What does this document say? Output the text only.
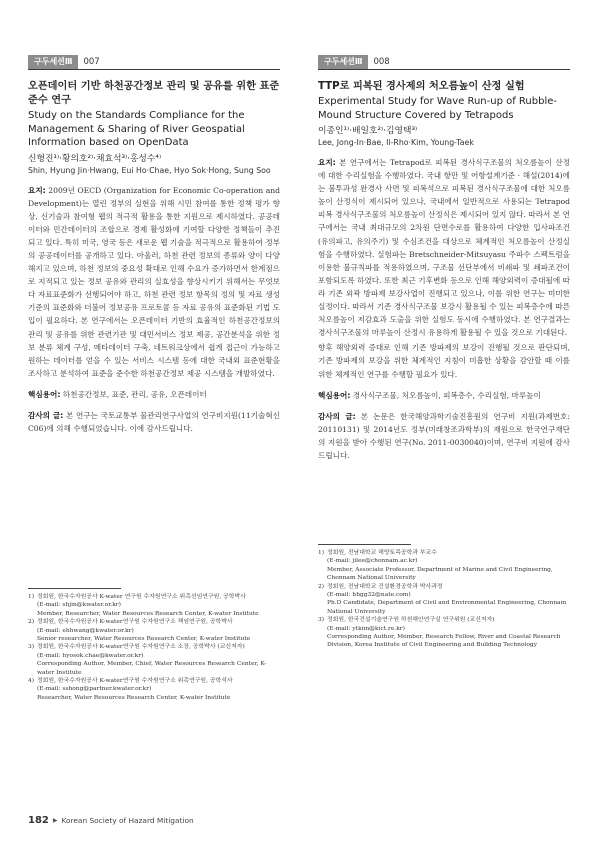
구두세션Ⅲ	007
오픈데이터 기반 하천공간정보 관리 및 공유를 위한 표준 준수 연구
Study on the Standards Compliance for the Management & Sharing of River Geospatial Information based on OpenData
신형진¹⁾·황의호²⁾·채효석³⁾·홍성수⁴⁾
Shin, Hyung Jin·Hwang, Eui Ho·Chae, Hyo Sok·Hong, Sung Soo

요지: 2009년 OECD (Organization for Economic Co-operation and Development)는 열린 정부의 실현을 위해 시민 참여를 통한 정책 평가 향상, 신기술과 참여형 웹의 적극적 활용을 통한 지원으로 제시하였다. 공공데이터와 민간데이터의 조합으로 경제 활성화에 기여할 다양한 정책들이 추진되고 있다. 특히 미국, 영국 등은 새로운 웹 기술을 적극적으로 활용하여 정부의 공공데이터를 공개하고 있다. 아울러, 하천 관련 정보의 종류와 양이 다양해지고 있으며, 하천 정보의 중요성 확대로 인해 수요가 증가하면서 한계점으로 지적되고 있는 정보 공유와 관리의 실효성을 향상시키기 위해서는 무엇보다 자료표준화가 선행되어야 하고, 하천 관련 정보 항목의 정의 및 자료 생성기준의 표준화와 더불어 정보공유 프로토콜 등 자료 공유의 표준화된 기법 도입이 필요하다. 본 연구에서는 오픈데이터 기반의 효율적인 하천공간정보의 관리 및 공유를 위한 관련기관 및 대민서비스 정보 제공, 공간분석을 위한 정보 분류 체계 구성, 메타데이터 구축, 네트워크상에서 쉽게 접근이 가능하고 원하는 데이터를 얻을 수 있는 서비스 시스템 등에 대한 국내외 표준현황을 조사하고 분석하여 표준을 준수한 하천공간정보 제공 시스템을 개발하였다.

핵심용어: 하천공간정보, 표준, 관리, 공유, 오픈데이터

감사의 글: 본 연구는 국토교통부 물관리연구사업의 연구비지원(11기술혁신C06)에 의해 수행되었습니다. 이에 감사드립니다.

1) 정회원, 한국수자원공사 K-water 연구원 수자원연구소 위촉선임연구원, 공학박사
(E-mail: shjin@kwater.or.kr)
Member, Researcher, Water Resources Research Center, K-water Institute
2) 정회원, 한국수자원공사 K-water연구원 수자원연구소 책임연구원, 공학박사
(E-mail: ehhwang@kwater.or.kr)
Senior researcher, Water Resources Research Center, K-water Institute
3) 정회원, 한국수자원공사 K-water연구원 수자원연구소 소장, 공학박사 (교신저자)
(E-mail: hyosok.chae@kwater.or.kr)
Corresponding Author, Member, Chief, Water Resources Research Center, K-water Institute
4) 정회원, 한국수자원공사 K-water연구원 수자원연구소 위촉연구원, 공학석사
(E-mail: sshong@partner.kwater.or.kr)
Researcher, Water Resources Research Center, K-water Institute
구두세션Ⅲ	008
TTP로 피복된 경사제의 처오름높이 산정 실험
Experimental Study for Wave Run-up of Rubble-Mound Structure Covered by Tetrapods
이종인¹⁾·배일호²⁾·김영택³⁾
Lee, Jong-In·Bae, Il-Rho·Kim, Young-Taek

요지: 본 연구에서는 Tetrapod로 피복된 경사식구조물의 처오름높이 산정에 대한 수리실험을 수행하였다. 국내 항만 및 어항설계기준 · 해설(2014)에는 불투과성 완경사 사면 및 피복석으로 피복된 경사식구조물에 대한 처오름높이 산정식이 제시되어 있으나, 국내에서 일반적으로 사용되는 Tetrapod 피복 경사식구조물의 처오름높이 산정식은 제시되어 있지 않다. 따라서 본 연구에서는 국내 최대규모의 2차원 단면수로를 활용하여 다양한 입사파조건(유의파고, 유의주기) 및 수심조건을 대상으로 체계적인 처오름높이 산정실험을 수행하였다. 실험파는 Bretschneider-Mitsuyasu 주파수 스펙트럼을 이용한 불규칙파를 적용하였으며, 구조물 선단부에서 비쇄파 및 쇄파조건이 포함되도록 하였다. 또한 최근 기후변화 등으로 인해 해양외력이 증대될에 따라 기존 외곽 방파제 보강사업이 진행되고 있으나, 이를 위한 연구는 미미한 실정이다. 따라서 기존 경사식구조물 보강시 활용될 수 있는 피복층수에 따른 처오름높이 저감효과 도출을 위한 실험도 동시에 수행하였다. 본 연구결과는 경사식구조물의 마루높이 산정시 유용하게 활용될 수 있을 것으로 기대된다.

향후 해양외력 증대로 인해 기존 방파제의 보강이 진행될 것으로 판단되며, 기존 방파제의 보강을 위한 체계적인 지침이 미흡한 상황을 감안할 때 이를 위한 체계적인 연구를 수행할 필요가 있다.

핵심용어: 경사식구조물, 처오름높이, 피복층수, 수리실험, 마루높이

감사의 글: 본 논문은 한국해양과학기술진흥원의 연구비 지원(과제번호: 20110131) 및 2014년도 정부(미래창조과학부)의 재원으로 한국연구재단의 지원을 받아 수행된 연구(No. 2011-0030040)이며, 연구비 지원에 감사드립니다.

1) 정회원, 전남대학교 해양토목공학과 부교수
(E-mail: jilee@chonnam.ac.kr)
Member, Associate Professor, Department of Marine and Civil Engineering, Chonnam National University
2) 정회원, 전남대학교 건설환경공학과 박사과정
(E-mail: bhgg32@nate.com)
Ph.D Candidate, Department of Civil and Environmental Engineering, Chonnam National University
3) 정회원, 한국건설기술연구원 하천해안연구실 연구위원 (교신저자)
(E-mail: ytkim@kict.re.kr)
Corresponding Author, Member, Research Fellow, River and Coastal Research Division, Korea Institute of Civil Engineering and Building Technology
182 ▶ Korean Society of Hazard Mitigation
